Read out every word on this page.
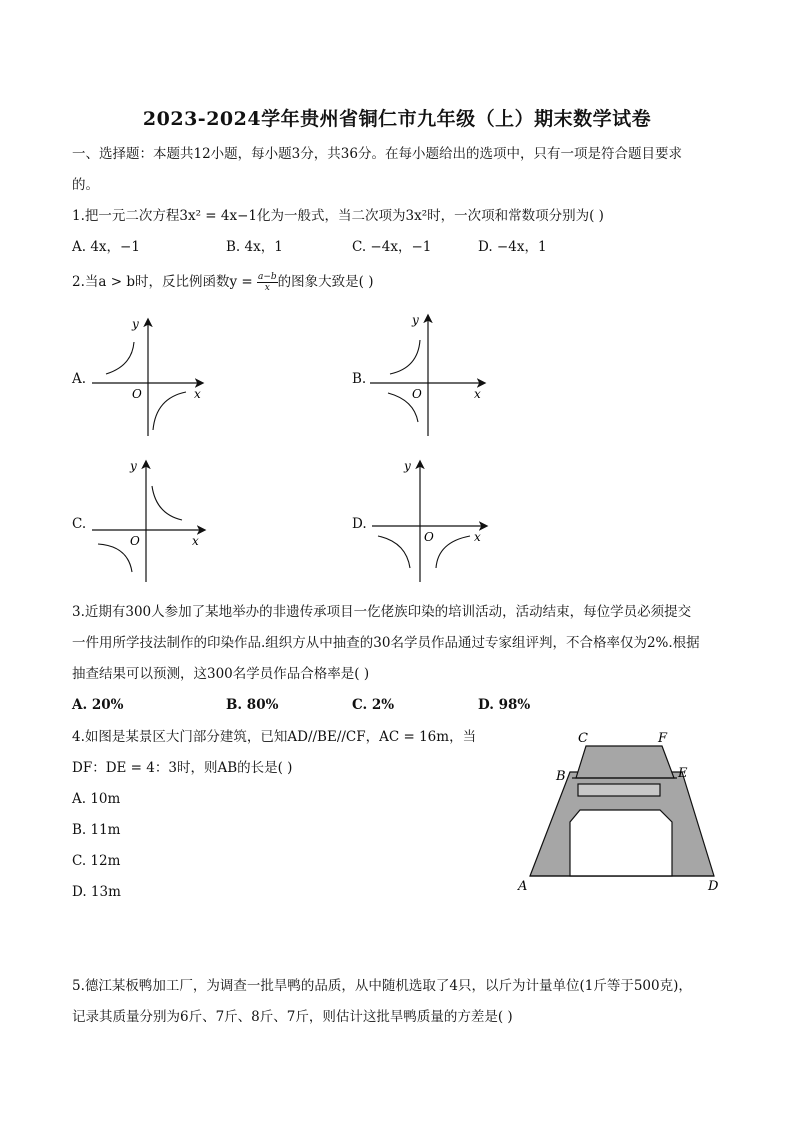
2023-2024学年贵州省铜仁市九年级（上）期末数学试卷
一、选择题：本题共12小题，每小题3分，共36分。在每小题给出的选项中，只有一项是符合题目要求
的。
1.把一元二次方程3x² = 4x−1化为一般式，当二次项为3x²时，一次项和常数项分别为( )
A. 4x，−1	B. 4x，1	C. −4x，−1	D. −4x，1
2.当a > b时，反比例函数$y = \frac{a-b}{x}$ 的图象大致是( )
A.
y
x
O
B.
y
x
O
C.
y
x
O
D.
y
x
O
3.近期有300人参加了某地举办的非遗传承项目一仡佬族印染的培训活动，活动结束，每位学员必须提交
一件用所学技法制作的印染作品.组织方从中抽查的30名学员作品通过专家组评判，不合格率仅为2%.根据
抽查结果可以预测，这300名学员作品合格率是( )
A. 20%	B. 80%	C. 2%	D. 98%
4.如图是某景区大门部分建筑，已知AD//BE//CF，AC = 16m，当
DF：DE = 4：3时，则AB的长是( )
A. 10m
B. 11m
C. 12m
D. 13m
C	F
B	E
A	D
5.德江某板鸭加工厂，为调查一批旱鸭的品质，从中随机选取了4只，以斤为计量单位(1斤等于500克)，
记录其质量分别为6斤、7斤、8斤、7斤，则估计这批旱鸭质量的方差是( )
